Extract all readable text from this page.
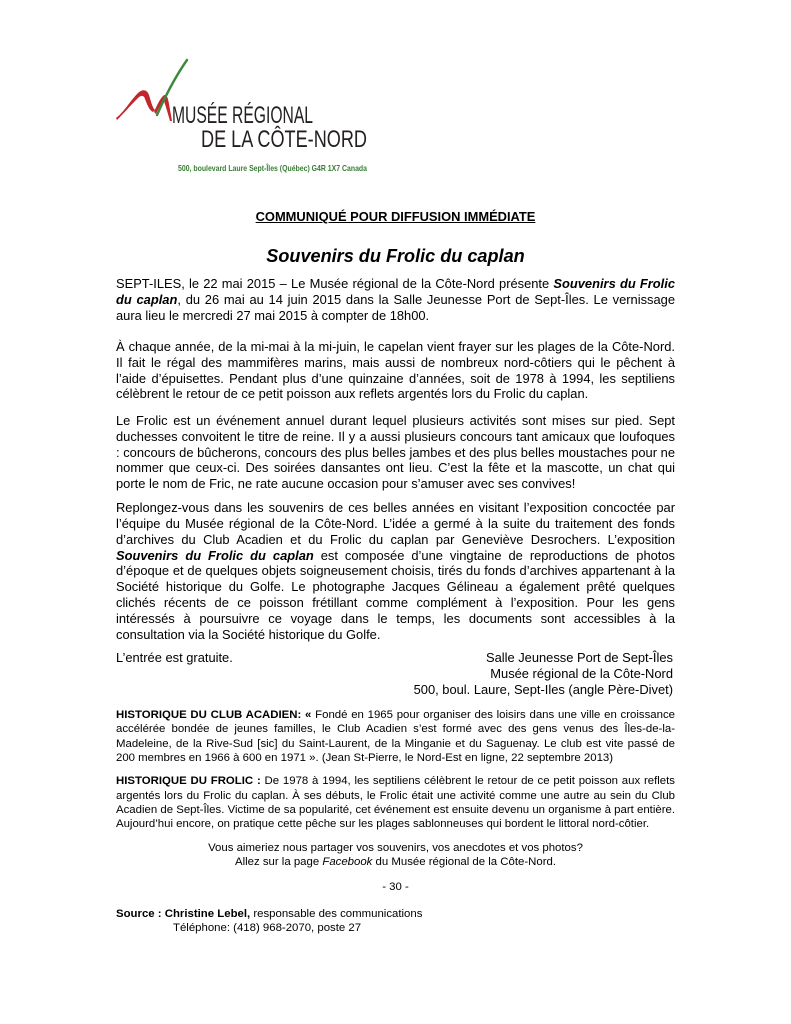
MUSÉE RÉGIONAL
DE LA CÔTE-NORD
500, boulevard Laure Sept-Îles (Québec) G4R 1X7 Canada

COMMUNIQUÉ POUR DIFFUSION IMMÉDIATE

Souvenirs du Frolic du caplan

SEPT-ILES, le 22 mai 2015 – Le Musée régional de la Côte-Nord présente Souvenirs du Frolic du caplan, du 26 mai au 14 juin 2015 dans la Salle Jeunesse Port de Sept-Îles. Le vernissage aura lieu le mercredi 27 mai 2015 à compter de 18h00.

À chaque année, de la mi-mai à la mi-juin, le capelan vient frayer sur les plages de la Côte-Nord. Il fait le régal des mammifères marins, mais aussi de nombreux nord-côtiers qui le pêchent à l’aide d’épuisettes. Pendant plus d’une quinzaine d’années, soit de 1978 à 1994, les septiliens célèbrent le retour de ce petit poisson aux reflets argentés lors du Frolic du caplan.

Le Frolic est un événement annuel durant lequel plusieurs activités sont mises sur pied. Sept duchesses convoitent le titre de reine. Il y a aussi plusieurs concours tant amicaux que loufoques : concours de bûcherons, concours des plus belles jambes et des plus belles moustaches pour ne nommer que ceux-ci. Des soirées dansantes ont lieu. C’est la fête et la mascotte, un chat qui porte le nom de Fric, ne rate aucune occasion pour s’amuser avec ses convives!

Replongez-vous dans les souvenirs de ces belles années en visitant l’exposition concoctée par l’équipe du Musée régional de la Côte-Nord. L’idée a germé à la suite du traitement des fonds d’archives du Club Acadien et du Frolic du caplan par Geneviève Desrochers. L’exposition Souvenirs du Frolic du caplan est composée d’une vingtaine de reproductions de photos d’époque et de quelques objets soigneusement choisis, tirés du fonds d’archives appartenant à la Société historique du Golfe. Le photographe Jacques Gélineau a également prêté quelques clichés récents de ce poisson frétillant comme complément à l’exposition. Pour les gens intéressés à poursuivre ce voyage dans le temps, les documents sont accessibles à la consultation via la Société historique du Golfe.

L’entrée est gratuite.	Salle Jeunesse Port de Sept-Îles
Musée régional de la Côte-Nord
500, boul. Laure, Sept-Iles (angle Père-Divet)

HISTORIQUE DU CLUB ACADIEN: « Fondé en 1965 pour organiser des loisirs dans une ville en croissance accélérée bondée de jeunes familles, le Club Acadien s’est formé avec des gens venus des Îles-de-la-Madeleine, de la Rive-Sud [sic] du Saint-Laurent, de la Minganie et du Saguenay. Le club est vite passé de 200 membres en 1966 à 600 en 1971 ». (Jean St-Pierre, le Nord-Est en ligne, 22 septembre 2013)

HISTORIQUE DU FROLIC : De 1978 à 1994, les septiliens célèbrent le retour de ce petit poisson aux reflets argentés lors du Frolic du caplan. À ses débuts, le Frolic était une activité comme une autre au sein du Club Acadien de Sept-Îles. Victime de sa popularité, cet événement est ensuite devenu un organisme à part entière. Aujourd’hui encore, on pratique cette pêche sur les plages sablonneuses qui bordent le littoral nord-côtier.

Vous aimeriez nous partager vos souvenirs, vos anecdotes et vos photos?
Allez sur la page Facebook du Musée régional de la Côte-Nord.

- 30 -

Source : Christine Lebel, responsable des communications
Téléphone: (418) 968-2070, poste 27
